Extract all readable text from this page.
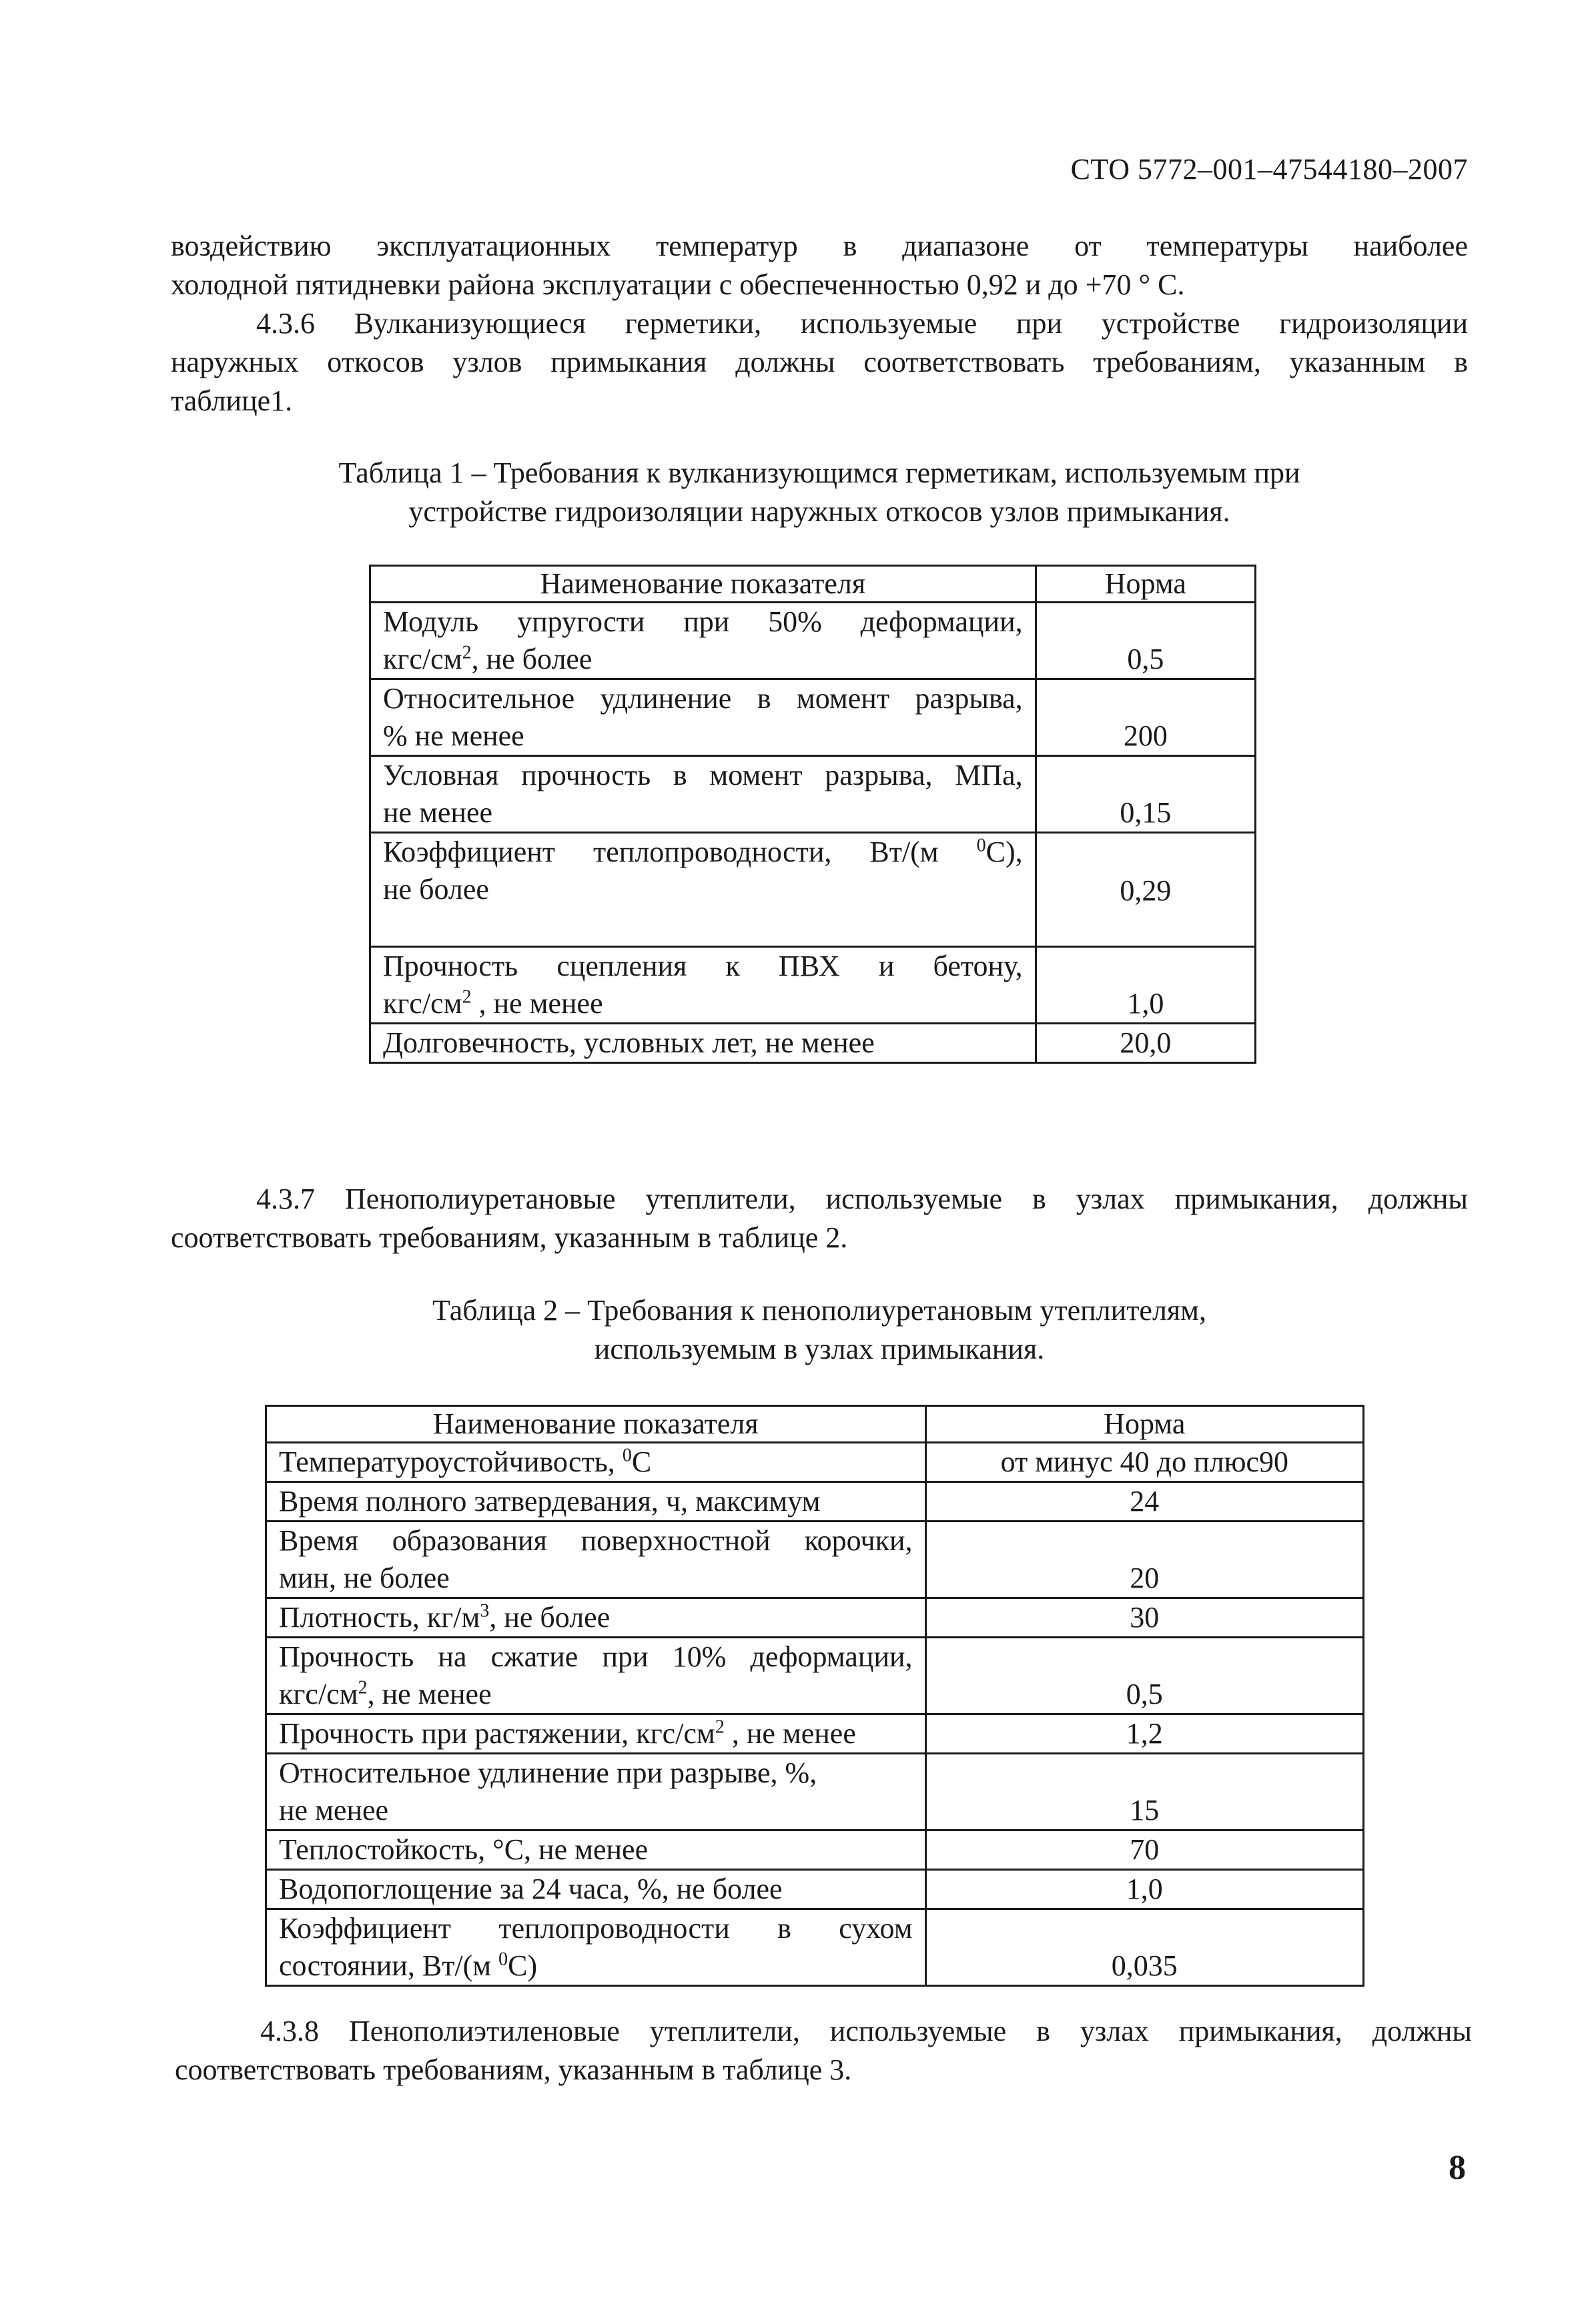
СТО 5772–001–47544180–2007
воздействию эксплуатационных температур в диапазоне от температуры наиболее
холодной пятидневки района эксплуатации с обеспеченностью 0,92 и до +70 ° С.
4.3.6 Вулканизующиеся герметики, используемые при устройстве гидроизоляции
наружных откосов узлов примыкания должны соответствовать требованиям, указанным в
таблице1.
Таблица 1 – Требования к вулканизующимся герметикам, используемым при
устройстве гидроизоляции наружных откосов узлов примыкания.
Наименование показателя	Норма

Модуль упругости при 50% деформации,
кгс/$см^2$, не более	0,5

Относительное удлинение в момент разрыва,
% не менее	200

Условная прочность в момент разрыва, МПа,
не менее	0,15

Коэффициент теплопроводности, Вт/(м $^0$С),
не более	0,29

Прочность сцепления к ПВХ и бетону,
кгс/$см^2$ , не менее	1,0
Долговечность, условных лет, не менее	20,0
4.3.7 Пенополиуретановые утеплители, используемые в узлах примыкания, должны
соответствовать требованиям, указанным в таблице 2.
Таблица 2 – Требования к пенополиуретановым утеплителям,
используемым в узлах примыкания.
Наименование показателя	Норма
Температуроустойчивость, $^0$С	от минус 40 до плюс90
Время полного затвердевания, ч, максимум	24

Время образования поверхностной корочки,
мин, не более	20
Плотность, $кг/м^3$, не более	30

Прочность на сжатие при 10% деформации,
кгс/$см^2$, не менее	0,5
Прочность при растяжении, кгс/$см^2$ , не менее	1,2

Относительное удлинение при разрыве, %,
не менее	15
Теплостойкость, °С, не менее	70
Водопоглощение за 24 часа, %, не более	1,0

Коэффициент теплопроводности в сухом
состоянии, Вт/(м $^0$С)	0,035
4.3.8 Пенополиэтиленовые утеплители, используемые в узлах примыкания, должны
соответствовать требованиям, указанным в таблице 3.
8
